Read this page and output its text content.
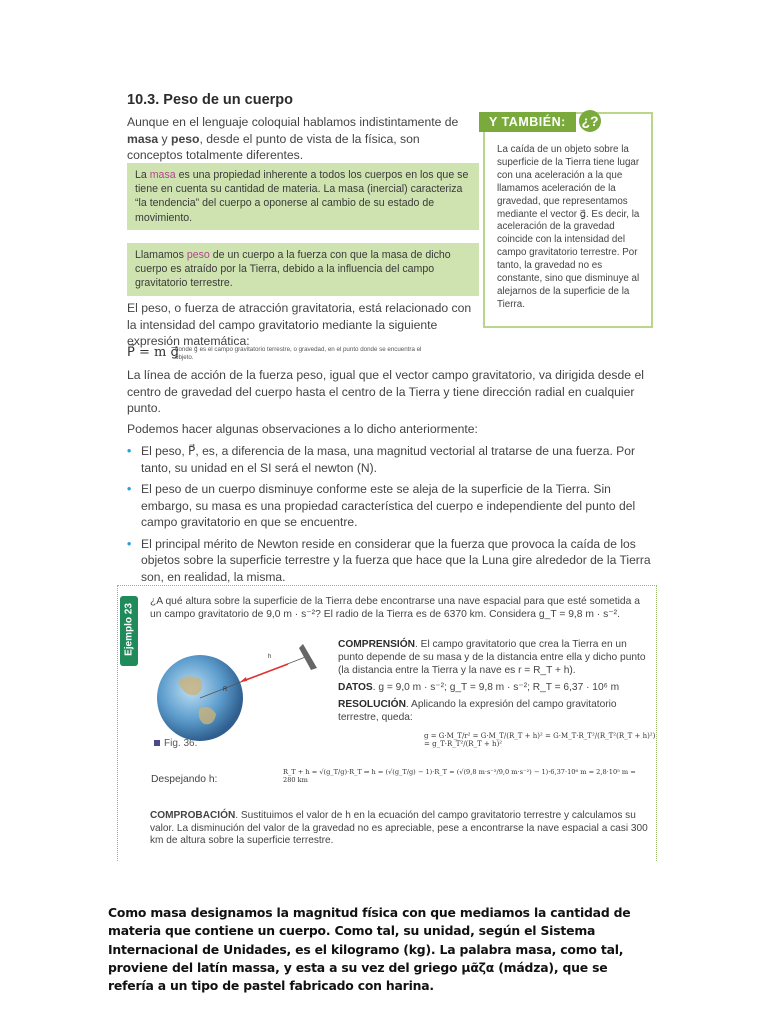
10.3. Peso de un cuerpo
Aunque en el lenguaje coloquial hablamos indistintamente de masa y peso, desde el punto de vista de la física, son conceptos totalmente diferentes.
La masa es una propiedad inherente a todos los cuerpos en los que se tiene en cuenta su cantidad de materia. La masa (inercial) caracteriza “la tendencia” del cuerpo a oponerse al cambio de su estado de movimiento.
Llamamos peso de un cuerpo a la fuerza con que la masa de dicho cuerpo es atraído por la Tierra, debido a la influencia del campo gravitatorio terrestre.
Y TAMBIÉN:	¿?
La caída de un objeto sobre la superficie de la Tierra tiene lugar con una aceleración a la que llamamos aceleración de la gravedad, que representamos mediante el vector g⃗. Es decir, la aceleración de la gravedad coincide con la intensidad del campo gravitatorio terrestre. Por tanto, la gravedad no es constante, sino que disminuye al alejarnos de la superficie de la Tierra.
El peso, o fuerza de atracción gravitatoria, está relacionado con la intensidad del campo gravitatorio mediante la siguiente expresión matemática:
P⃗ = m g⃗
donde g⃗ es el campo gravitatorio terrestre, o gravedad, en el punto donde se encuentra el objeto.
La línea de acción de la fuerza peso, igual que el vector campo gravitatorio, va dirigida desde el centro de gravedad del cuerpo hasta el centro de la Tierra y tiene dirección radial en cualquier punto.
Podemos hacer algunas observaciones a lo dicho anteriormente:
• El peso, P⃗, es, a diferencia de la masa, una magnitud vectorial al tratarse de una fuerza. Por tanto, su unidad en el SI será el newton (N).
• El peso de un cuerpo disminuye conforme este se aleja de la superficie de la Tierra. Sin embargo, su masa es una propiedad característica del cuerpo e independiente del punto del campo gravitatorio en que se encuentre.
• El principal mérito de Newton reside en considerar que la fuerza que provoca la caída de los objetos sobre la superficie terrestre y la fuerza que hace que la Luna gire alrededor de la Tierra son, en realidad, la misma.
Ejemplo 23
¿A qué altura sobre la superficie de la Tierra debe encontrarse una nave espacial para que esté sometida a un campo gravitatorio de 9,0 m · s⁻²? El radio de la Tierra es de 6370 km. Considera g_T = 9,8 m · s⁻².
h
R
COMPRENSIÓN. El campo gravitatorio que crea la Tierra en un punto depende de su masa y de la distancia entre ella y dicho punto (la distancia entre la Tierra y la nave es r = R_T + h).
DATOS. g = 9,0 m · s⁻²; g_T = 9,8 m · s⁻²; R_T = 6,37 · 10⁶ m
RESOLUCIÓN. Aplicando la expresión del campo gravitatorio terrestre, queda:
Fig. 36.
g = G·M_T/r² = G·M_T/(R_T + h)² = G·M_T·R_T²/(R_T²(R_T + h)²) = g_T·R_T²/(R_T + h)²
Despejando h:
R_T + h = √(g_T/g)·R_T ⇒ h = (√(g_T/g) − 1)·R_T = (√(9,8 m·s⁻²/9,0 m·s⁻²) − 1)·6,37·10⁶ m = 2,8·10⁵ m = 280 km
COMPROBACIÓN. Sustituimos el valor de h en la ecuación del campo gravitatorio terrestre y calculamos su valor. La disminución del valor de la gravedad no es apreciable, pese a encontrarse la nave espacial a casi 300 km de altura sobre la superficie terrestre.
Como masa designamos la magnitud física con que mediamos la cantidad de materia que contiene un cuerpo. Como tal, su unidad, según el Sistema Internacional de Unidades, es el kilogramo (kg). La palabra masa, como tal, proviene del latín massa, y esta a su vez del griego μᾶζα (mádza), que se refería a un tipo de pastel fabricado con harina.
